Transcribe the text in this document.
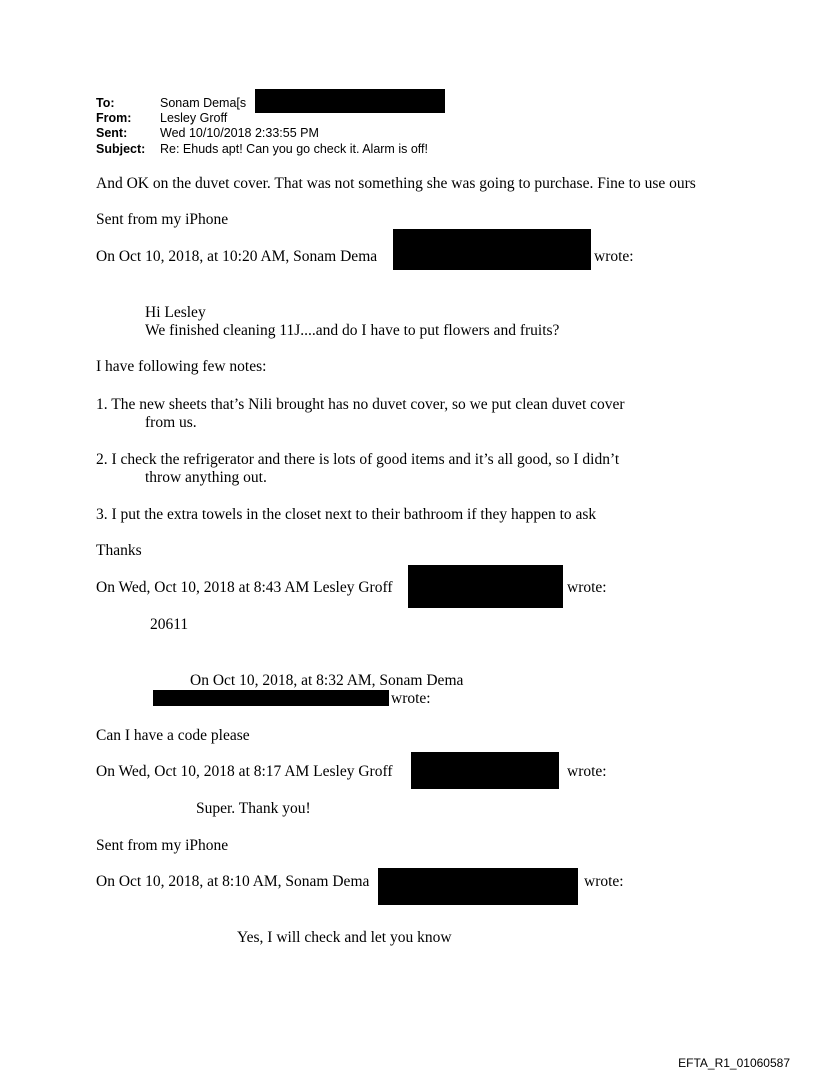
To:	Sonam Dema[s
From: Lesley Groff
Sent:	Wed 10/10/2018 2:33:55 PM
Subject: Re: Ehuds apt! Can you go check it. Alarm is off!
And OK on the duvet cover. That was not something she was going to purchase. Fine to use ours
Sent from my iPhone
On Oct 10, 2018, at 10:20 AM, Sonam Dema	wrote:
Hi Lesley
We finished cleaning 11J....and do I have to put flowers and fruits?
I have following few notes:
1. The new sheets that’s Nili brought has no duvet cover, so we put clean duvet cover
from us.
2. I check the refrigerator and there is lots of good items and it’s all good, so I didn’t
throw anything out.
3. I put the extra towels in the closet next to their bathroom if they happen to ask
Thanks
On Wed, Oct 10, 2018 at 8:43 AM Lesley Groff	wrote:
20611
On Oct 10, 2018, at 8:32 AM, Sonam Dema
wrote:
Can I have a code please
On Wed, Oct 10, 2018 at 8:17 AM Lesley Groff	wrote:
Super. Thank you!
Sent from my iPhone
On Oct 10, 2018, at 8:10 AM, Sonam Dema	wrote:
Yes, I will check and let you know
EFTA_R1_01060587
